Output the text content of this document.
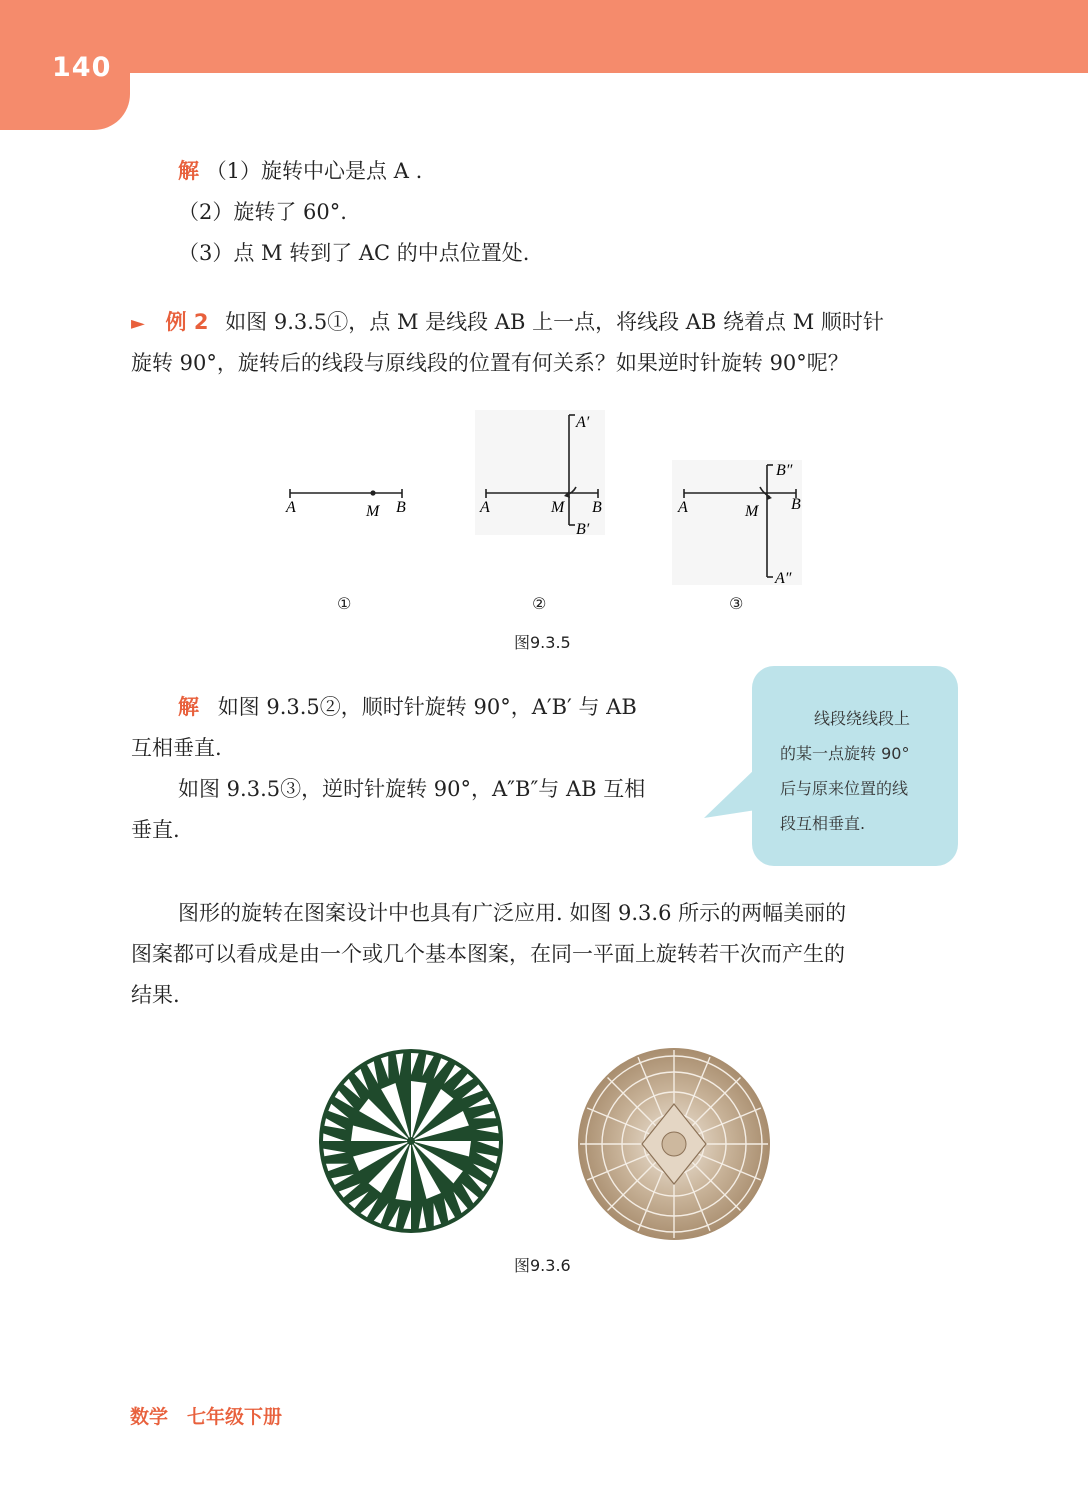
140
解 （1）旋转中心是点 A .
（2）旋转了 60°.
（3）点 M 转到了 AC 的中点位置处.
► 例 2 如图 9.3.5①，点 M 是线段 AB 上一点，将线段 AB 绕着点 M 顺时针
旋转 90°，旋转后的线段与原线段的位置有何关系？如果逆时针旋转 90°呢？
A	M B
A′
A	M B
B′
B″
A	M B
A″
①	②	③
图9.3.5
解 如图 9.3.5②，顺时针旋转 90°，A′B′ 与 AB
互相垂直.
如图 9.3.5③，逆时针旋转 90°，A″B″与 AB 互相
垂直.
线段绕线段上
的某一点旋转 90°
后与原来位置的线
段互相垂直.
图形的旋转在图案设计中也具有广泛应用. 如图 9.3.6 所示的两幅美丽的
图案都可以看成是由一个或几个基本图案，在同一平面上旋转若干次而产生的
结果.
图9.3.6
数学　七年级下册
